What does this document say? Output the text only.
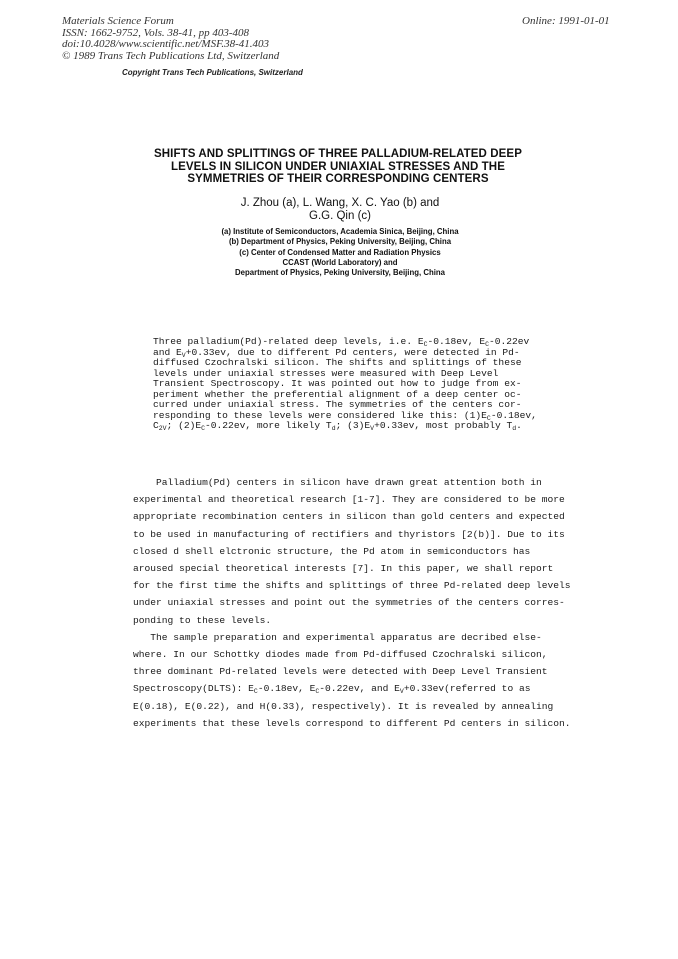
Materials Science Forum
ISSN: 1662-9752, Vols. 38-41, pp 403-408
doi:10.4028/www.scientific.net/MSF.38-41.403
© 1989 Trans Tech Publications Ltd, Switzerland
Online: 1991-01-01
Copyright Trans Tech Publications, Switzerland
SHIFTS AND SPLITTINGS OF THREE PALLADIUM-RELATED DEEP
LEVELS IN SILICON UNDER UNIAXIAL STRESSES AND THE
SYMMETRIES OF THEIR CORRESPONDING CENTERS
J. Zhou (a), L. Wang, X. C. Yao (b) and
G.G. Qin (c)
(a) Institute of Semiconductors, Academia Sinica, Beijing, China
(b) Department of Physics, Peking University, Beijing, China
(c) Center of Condensed Matter and Radiation Physics
CCAST (World Laboratory) and
Department of Physics, Peking University, Beijing, China
Three palladium(Pd)-related deep levels, i.e. $E_C-0.18ev$, $E_C-0.22ev$
and $E_V+0.33ev$, due to different Pd centers, were detected in Pd-
diffused Czochralski silicon. The shifts and splittings of these
levels under uniaxial stresses were measured with Deep Level
Transient Spectroscopy. It was pointed out how to judge from ex-
periment whether the preferential alignment of a deep center oc-
curred under uniaxial stress. The symmetries of the centers cor-
responding to these levels were considered like this: $(1)E_C-0.18ev$,
$C_{2V}$; $(2)E_C-0.22ev$, more likely $T_d$; $(3)E_V+0.33ev$, most probably $T_d$.
Palladium(Pd) centers in silicon have drawn great attention both in
experimental and theoretical research [1-7]. They are considered to be more
appropriate recombination centers in silicon than gold centers and expected
to be used in manufacturing of rectifiers and thyristors [2(b)]. Due to its
closed d shell elctronic structure, the Pd atom in semiconductors has
aroused special theoretical interests [7]. In this paper, we shall report
for the first time the shifts and splittings of three Pd-related deep levels
under uniaxial stresses and point out the symmetries of the centers corres-
ponding to these levels.
The sample preparation and experimental apparatus are decribed else-
where. In our Schottky diodes made from Pd-diffused Czochralski silicon,
three dominant Pd-related levels were detected with Deep Level Transient
Spectroscopy(DLTS): $E_C-0.18ev$, $E_C-0.22ev$, and $E_V+0.33ev(referred$ to as
E(0.18), E(0.22), and H(0.33), respectively). It is revealed by annealing
experiments that these levels correspond to different Pd centers in silicon.
